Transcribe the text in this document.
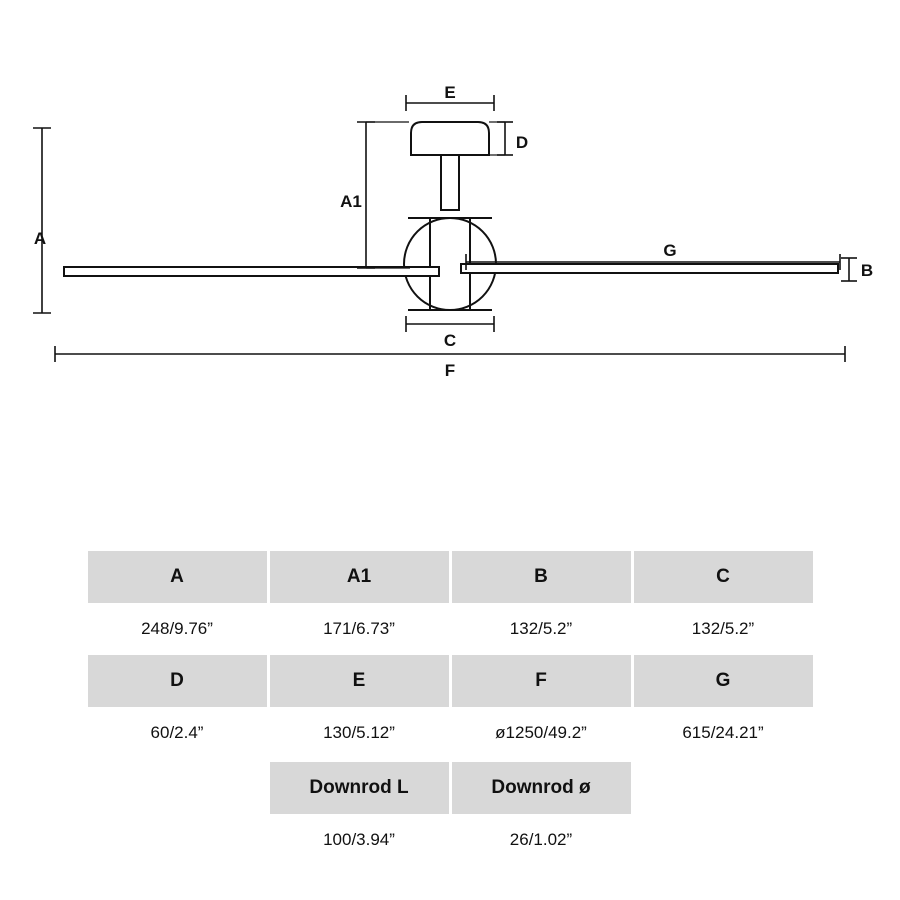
A
A1
B
C
D
E
F
G
A	A1	B	C
248/9.76”	171/6.73”	132/5.2”	132/5.2”
D	E	F	G
60/2.4”	130/5.12”	ø1250/49.2”	615/24.21”
Downrod L	Downrod ø
100/3.94”	26/1.02”
